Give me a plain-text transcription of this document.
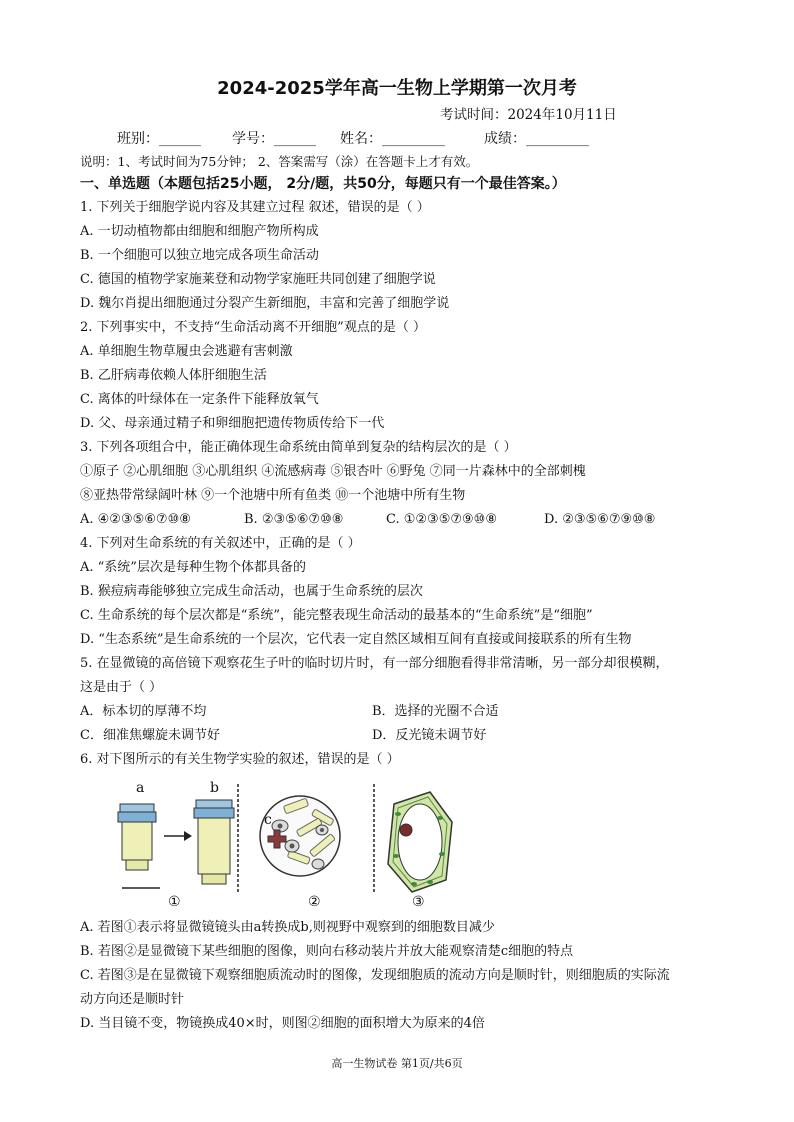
2024-2025学年高一生物上学期第一次月考
考试时间：2024年10月11日
班别：______ 学号：______ 姓名：_________	成绩：_________
说明：1、考试时间为75分钟； 2、答案需写（涂）在答题卡上才有效。
一、单选题（本题包括25小题， 2分/题，共50分，每题只有一个最佳答案。）
1. 下列关于细胞学说内容及其建立过程 叙述，错误的是（ ）
A. 一切动植物都由细胞和细胞产物所构成
B. 一个细胞可以独立地完成各项生命活动
C. 德国的植物学家施莱登和动物学家施旺共同创建了细胞学说
D. 魏尔肖提出细胞通过分裂产生新细胞，丰富和完善了细胞学说
2. 下列事实中，不支持“生命活动离不开细胞”观点的是（ ）
A. 单细胞生物草履虫会逃避有害刺激
B. 乙肝病毒依赖人体肝细胞生活
C. 离体的叶绿体在一定条件下能释放氧气
D. 父、母亲通过精子和卵细胞把遗传物质传给下一代
3. 下列各项组合中，能正确体现生命系统由简单到复杂的结构层次的是（ ）
①原子 ②心肌细胞 ③心肌组织 ④流感病毒 ⑤银杏叶 ⑥野兔 ⑦同一片森林中的全部刺槐
⑧亚热带常绿阔叶林 ⑨一个池塘中所有鱼类 ⑩一个池塘中所有生物
A. ④②③⑤⑥⑦⑩⑧	B. ②③⑤⑥⑦⑩⑧	C. ①②③⑤⑦⑨⑩⑧	D. ②③⑤⑥⑦⑨⑩⑧
4. 下列对生命系统的有关叙述中，正确的是（ ）
A. “系统”层次是每种生物个体都具备的
B. 猴痘病毒能够独立完成生命活动，也属于生命系统的层次
C. 生命系统的每个层次都是“系统”，能完整表现生命活动的最基本的“生命系统”是“细胞”
D. “生态系统”是生命系统的一个层次，它代表一定自然区域相互间有直接或间接联系的所有生物
5. 在显微镜的高倍镜下观察花生子叶的临时切片时，有一部分细胞看得非常清晰，另一部分却很模糊，
这是由于（ ）
A．标本切的厚薄不均	B．选择的光圈不合适
C．细准焦螺旋未调节好	D．反光镜未调节好
6. 对下图所示的有关生物学实验的叙述，错误的是（ ）
a	b
c
①	②	③
A. 若图①表示将显微镜镜头由a转换成b,则视野中观察到的细胞数目减少
B. 若图②是显微镜下某些细胞的图像，则向右移动装片并放大能观察清楚c细胞的特点
C. 若图③是在显微镜下观察细胞质流动时的图像，发现细胞质的流动方向是顺时针，则细胞质的实际流
动方向还是顺时针
D. 当目镜不变，物镜换成40×时，则图②细胞的面积增大为原来的4倍
高一生物试卷 第1页/共6页
